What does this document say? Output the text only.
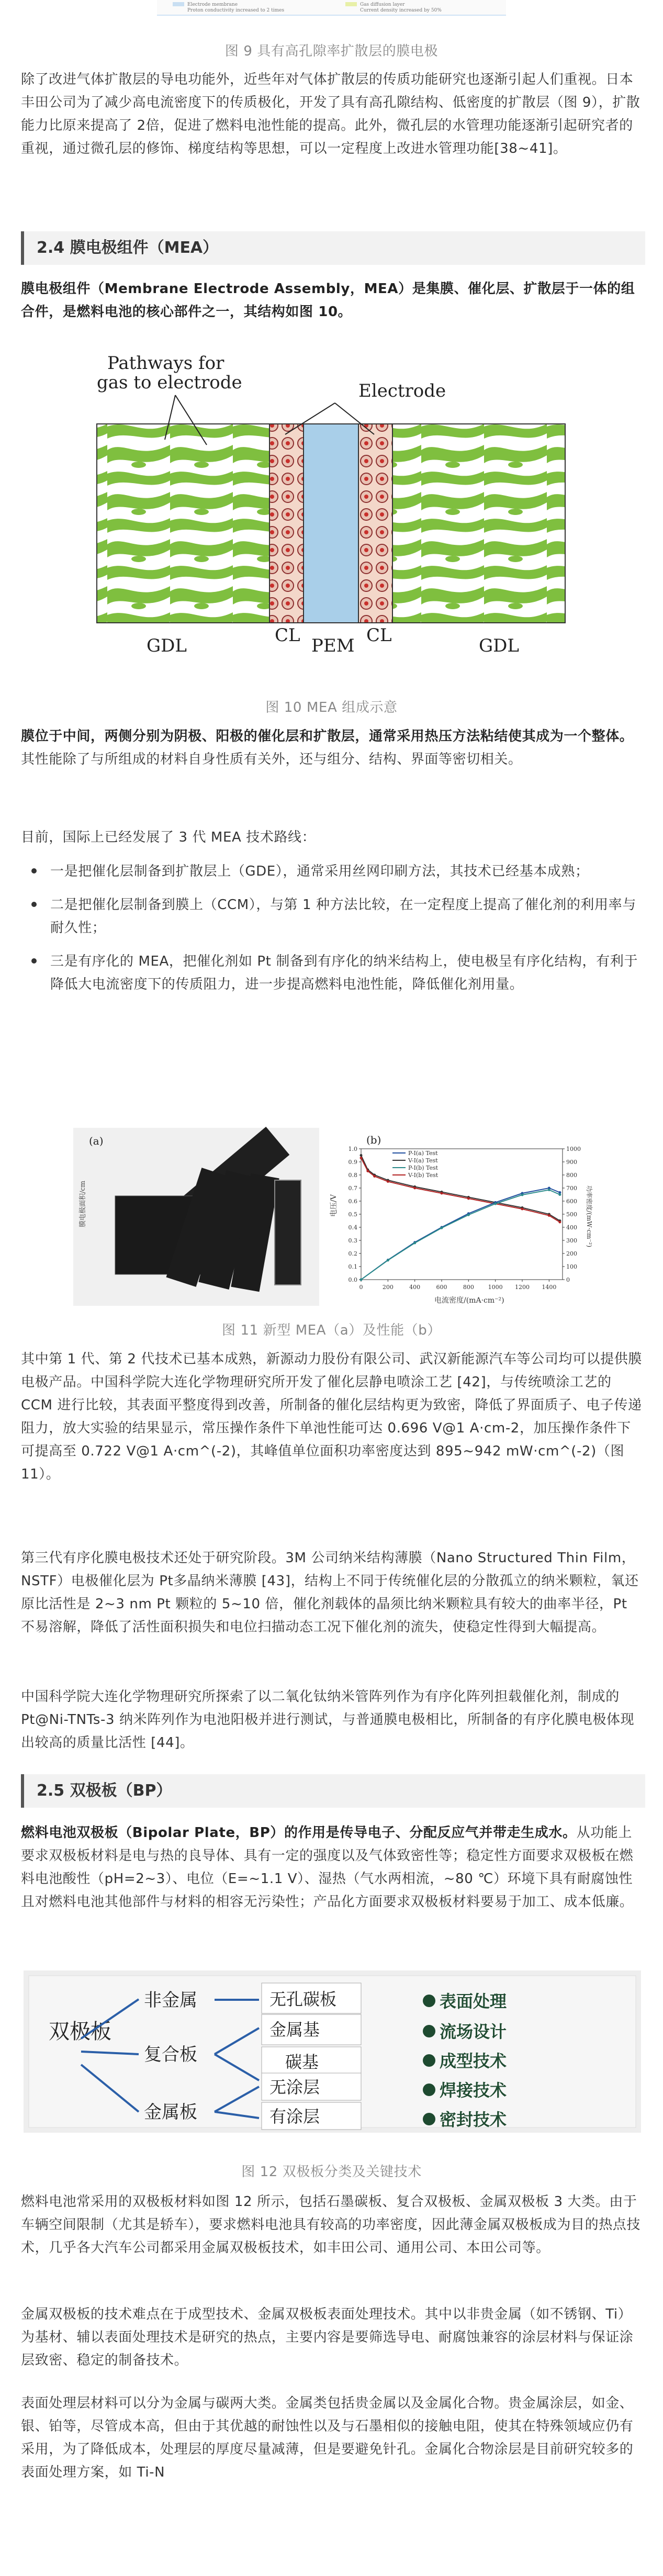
Electrode membrane
Proton conductivity increased to 2 times
Gas diffusion layer
Current density increased by 50%

图 9 具有高孔隙率扩散层的膜电极

除了改进气体扩散层的导电功能外，近些年对气体扩散层的传质功能研究也逐渐引起人们重视。日本丰田公司为了减少高电流密度下的传质极化，开发了具有高孔隙结构、低密度的扩散层（图 9），扩散能力比原来提高了 2倍，促进了燃料电池性能的提高。此外，微孔层的水管理功能逐渐引起研究者的重视，通过微孔层的修饰、梯度结构等思想，可以一定程度上改进水管理功能[38~41]。

2.4 膜电极组件（MEA）

膜电极组件（Membrane Electrode Assembly，MEA）是集膜、催化层、扩散层于一体的组合件，是燃料电池的核心部件之一，其结构如图 10。

Pathways for
gas to electrode	Electrode
GDL	CL PEM CL	GDL

图 10 MEA 组成示意

膜位于中间，两侧分别为阴极、阳极的催化层和扩散层，通常采用热压方法粘结使其成为一个整体。其性能除了与所组成的材料自身性质有关外，还与组分、结构、界面等密切相关。

目前，国际上已经发展了 3 代 MEA 技术路线：

一是把催化层制备到扩散层上（GDE），通常采用丝网印刷方法，其技术已经基本成熟；
二是把催化层制备到膜上（CCM），与第 1 种方法比较，在一定程度上提高了催化剂的利用率与耐久性；
三是有序化的 MEA，把催化剂如 Pt 制备到有序化的纳米结构上，使电极呈有序化结构，有利于降低大电流密度下的传质阻力，进一步提高燃料电池性能，降低催化剂用量。
(a)
膜电极面积/cm
(b)
电压/V	功率密度/(mW·cm⁻²)
电流密度/(mA·cm⁻²)
0	200	400	600	800 1000 1200 1400
0.0
0.1
0.2
0.3
0.4
0.5
0.6
0.7
0.8
0.9
1.0
0
100
200
300
400
500
600
700
800
900
1000
P-I(a) Test
V-I(a) Test
P-I(b) Test
V-I(b) Test

图 11 新型 MEA（a）及性能（b）

其中第 1 代、第 2 代技术已基本成熟，新源动力股份有限公司、武汉新能源汽车等公司均可以提供膜电极产品。中国科学院大连化学物理研究所开发了催化层静电喷涂工艺 [42]，与传统喷涂工艺的 CCM 进行比较，其表面平整度得到改善，所制备的催化层结构更为致密，降低了界面质子、电子传递阻力，放大实验的结果显示，常压操作条件下单池性能可达 0.696 V@1 A·cm-2，加压操作条件下可提高至 0.722 V@1 A·cm^(-2)，其峰值单位面积功率密度达到 895~942 mW·cm^(-2)（图11）。

第三代有序化膜电极技术还处于研究阶段。3M 公司纳米结构薄膜（Nano Structured Thin Film，NSTF）电极催化层为 Pt多晶纳米薄膜 [43]，结构上不同于传统催化层的分散孤立的纳米颗粒，氧还原比活性是 2~3 nm Pt 颗粒的 5~10 倍，催化剂载体的晶须比纳米颗粒具有较大的曲率半径，Pt 不易溶解，降低了活性面积损失和电位扫描动态工况下催化剂的流失，使稳定性得到大幅提高。

中国科学院大连化学物理研究所探索了以二氧化钛纳米管阵列作为有序化阵列担载催化剂，制成的Pt@Ni-TNTs-3 纳米阵列作为电池阳极并进行测试，与普通膜电极相比，所制备的有序化膜电极体现出较高的质量比活性 [44]。

2.5 双极板（BP）

燃料电池双极板（Bipolar Plate，BP）的作用是传导电子、分配反应气并带走生成水。从功能上要求双极板材料是电与热的良导体、具有一定的强度以及气体致密性等；稳定性方面要求双极板在燃料电池酸性（pH=2~3）、电位（E=~1.1 V）、湿热（气水两相流，~80 ℃）环境下具有耐腐蚀性且对燃料电池其他部件与材料的相容无污染性；产品化方面要求双极板材料要易于加工、成本低廉。

双极板
非金属
复合板
金属板
无孔碳板
金属基
碳基
无涂层
有涂层
表面处理
流场设计
成型技术
焊接技术
密封技术

图 12 双极板分类及关键技术

燃料电池常采用的双极板材料如图 12 所示，包括石墨碳板、复合双极板、金属双极板 3 大类。由于车辆空间限制（尤其是轿车），要求燃料电池具有较高的功率密度，因此薄金属双极板成为目的热点技术，几乎各大汽车公司都采用金属双极板技术，如丰田公司、通用公司、本田公司等。

金属双极板的技术难点在于成型技术、金属双极板表面处理技术。其中以非贵金属（如不锈钢、Ti）为基材、辅以表面处理技术是研究的热点，主要内容是要筛选导电、耐腐蚀兼容的涂层材料与保证涂层致密、稳定的制备技术。

表面处理层材料可以分为金属与碳两大类。金属类包括贵金属以及金属化合物。贵金属涂层，如金、银、铂等，尽管成本高，但由于其优越的耐蚀性以及与石墨相似的接触电阻，使其在特殊领域应仍有采用，为了降低成本，处理层的厚度尽量减薄，但是要避免针孔。金属化合物涂层是目前研究较多的表面处理方案，如 Ti-N
